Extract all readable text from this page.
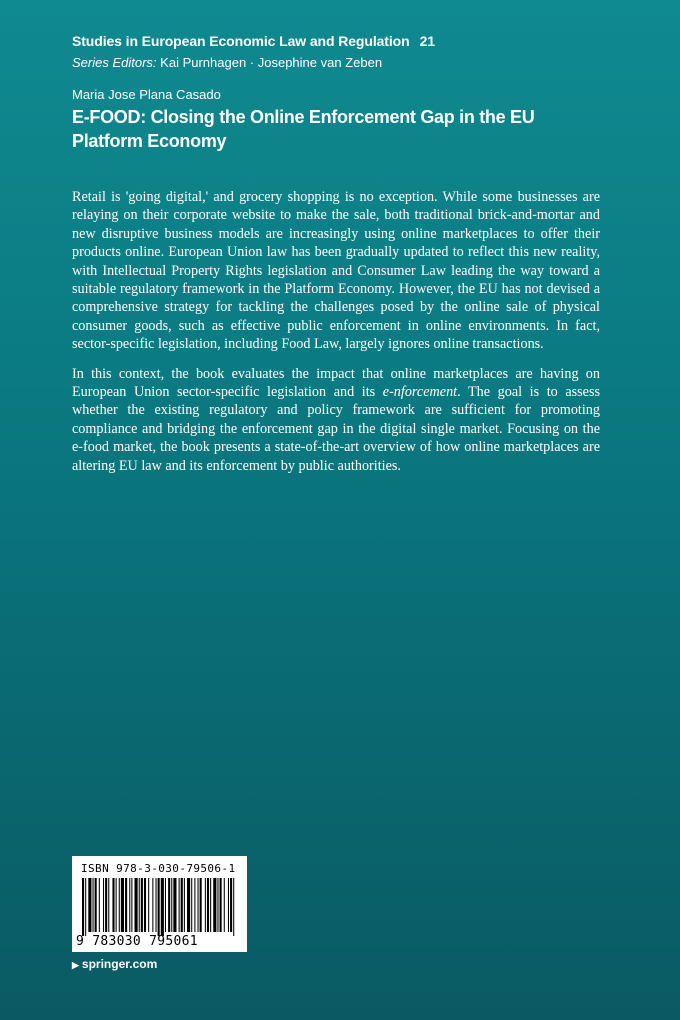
Studies in European Economic Law and Regulation 21
Series Editors: Kai Purnhagen · Josephine van Zeben
Maria Jose Plana Casado
E-FOOD: Closing the Online Enforcement Gap in the EU Platform Economy

Retail is 'going digital,' and grocery shopping is no exception. While some businesses are relaying on their corporate website to make the sale, both traditional brick-and-mortar and new disruptive business models are increasingly using online marketplaces to offer their products online. European Union law has been gradually updated to reflect this new reality, with Intellectual Property Rights legislation and Consumer Law leading the way toward a suitable regulatory framework in the Platform Economy. However, the EU has not devised a comprehensive strategy for tackling the challenges posed by the online sale of physical consumer goods, such as effective public enforcement in online environments. In fact, sector-specific legislation, including Food Law, largely ignores online transactions.

In this context, the book evaluates the impact that online marketplaces are having on European Union sector-specific legislation and its e-nforcement. The goal is to assess whether the existing regulatory and policy framework are sufficient for promoting compliance and bridging the enforcement gap in the digital single market. Focusing on the e-food market, the book presents a state-of-the-art overview of how online marketplaces are altering EU law and its enforcement by public authorities.

ISBN 978-3-030-79506-1
9 783030 795061
▶ springer.com
